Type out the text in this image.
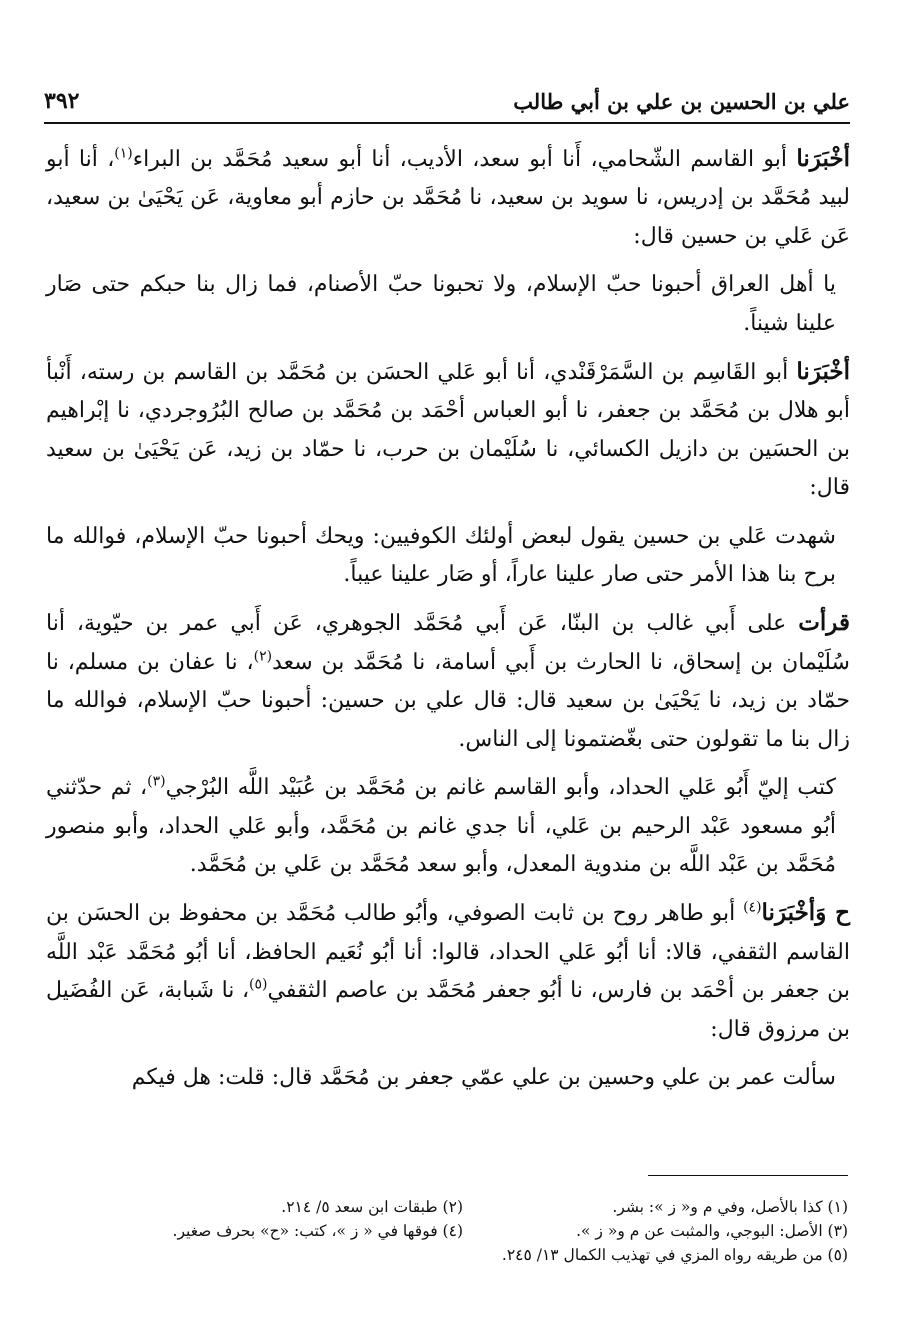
علي بن الحسين بن علي بن أبي طالب
٣٩٢

أخْبَرَنا أبو القاسم الشّحامي، أَنا أبو سعد، الأديب، أنا أبو سعيد مُحَمَّد بن البراء$^{(١)}$، أنا أبو لبيد مُحَمَّد بن إدريس، نا سويد بن سعيد، نا مُحَمَّد بن حازم أبو معاوية، عَن يَحْيَىٰ بن سعيد، عَن عَلي بن حسين قال:

يا أهل العراق أحبونا حبّ الإسلام، ولا تحبونا حبّ الأصنام، فما زال بنا حبكم حتى صَار علينا شيناً.

أخْبَرَنا أبو القَاسِم بن السَّمَرْقَنْدي، أنا أبو عَلي الحسَن بن مُحَمَّد بن القاسم بن رسته، أَنْبأ أبو هلال بن مُحَمَّد بن جعفر، نا أبو العباس أحْمَد بن مُحَمَّد بن صالح البُرُوجردي، نا إبْراهيم بن الحسَين بن دازيل الكسائي، نا سُلَيْمان بن حرب، نا حمّاد بن زيد، عَن يَحْيَىٰ بن سعيد قال:

شهدت عَلي بن حسين يقول لبعض أولئك الكوفيين: ويحك أحبونا حبّ الإسلام، فوالله ما برح بنا هذا الأمر حتى صار علينا عاراً، أو صَار علينا عيباً.

قرأت على أَبي غالب بن البنّا، عَن أَبي مُحَمَّد الجوهري، عَن أَبي عمر بن حيّوية، أنا سُلَيْمان بن إسحاق، نا الحارث بن أَبي أسامة، نا مُحَمَّد بن سعد$^{(٢)}$، نا عفان بن مسلم، نا حمّاد بن زيد، نا يَحْيَىٰ بن سعيد قال: قال علي بن حسين: أحبونا حبّ الإسلام، فوالله ما زال بنا ما تقولون حتى بغّضتمونا إلى الناس.

كتب إليّ أَبُو عَلي الحداد، وأبو القاسم غانم بن مُحَمَّد بن عُبَيْد اللَّه البُرْجي$^{(٣)}$، ثم حدّثني أبُو مسعود عَبْد الرحيم بن عَلي، أنا جدي غانم بن مُحَمَّد، وأبو عَلي الحداد، وأبو منصور مُحَمَّد بن عَبْد اللَّه بن مندوية المعدل، وأبو سعد مُحَمَّد بن عَلي بن مُحَمَّد.

ح وَأخْبَرَنا$^{(٤)}$ أبو طاهر روح بن ثابت الصوفي، وأبُو طالب مُحَمَّد بن محفوظ بن الحسَن بن القاسم الثقفي، قالا: أنا أبُو عَلي الحداد، قالوا: أنا أبُو نُعَيم الحافظ، أنا أبُو مُحَمَّد عَبْد اللَّه بن جعفر بن أحْمَد بن فارس، نا أبُو جعفر مُحَمَّد بن عاصم الثقفي$^{(٥)}$، نا شَبابة، عَن الفُضَيل بن مرزوق قال:

سألت عمر بن علي وحسين بن علي عمّي جعفر بن مُحَمَّد قال: قلت: هل فيكم

(١) كذا بالأصل، وفي م و« ز »: بشر.
(٢) طبقات ابن سعد ٥/ ٢١٤.
(٣) الأصل: البوجي، والمثبت عن م و« ز ».
(٤) فوقها في « ز »، كتب: «ح» بحرف صغير.
(٥) من طريقه رواه المزي في تهذيب الكمال ١٣/ ٢٤٥.
